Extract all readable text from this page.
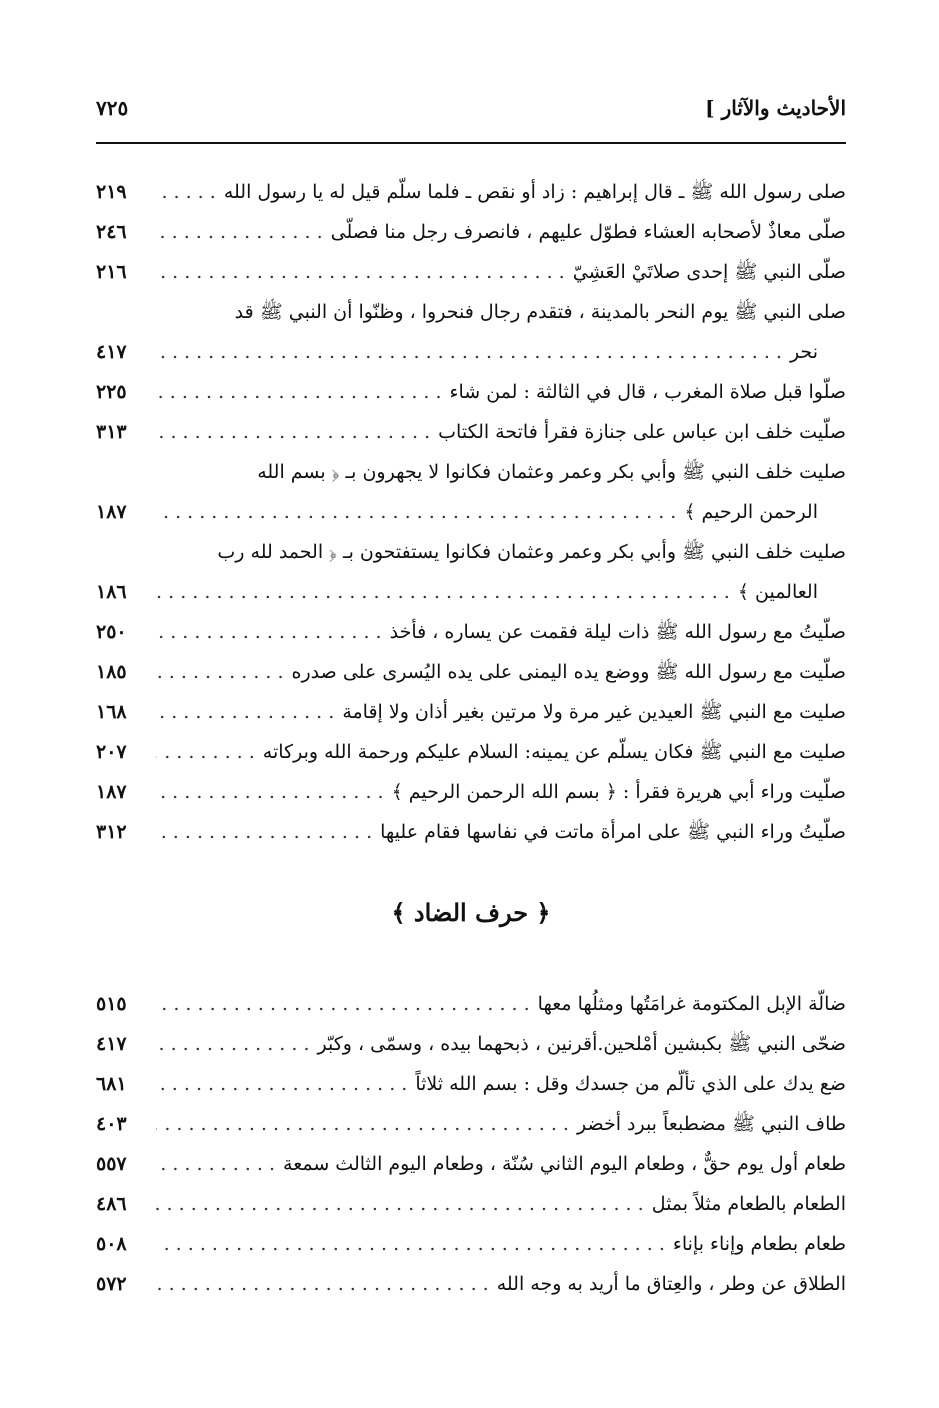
الأحاديث والآثار ]
٧٢٥
صلى رسول الله ﷺ ـ قال إبراهيم : زاد أو نقص ـ فلما سلّم قيل له يا رسول الله
. . .
٢١٩
صلّى معاذٌ لأصحابه العشاء فطوّل عليهم ، فانصرف رجل منا فصلّى
. . .
٢٤٦
صلّى النبي ﷺ إحدى صلاتَيْ العَشِيّ
. . .
٢١٦
صلى النبي ﷺ يوم النحر بالمدينة ، فتقدم رجال فنحروا ، وظنّوا أن النبي ﷺ قد
نحر
. . .
٤١٧
صلّوا قبل صلاة المغرب ، قال في الثالثة : لمن شاء
. . .
٢٢٥
صلّيت خلف ابن عباس على جنازة فقرأ فاتحة الكتاب
. . .
٣١٣
صليت خلف النبي ﷺ وأبي بكر وعمر وعثمان فكانوا لا يجهرون بـ ﴿ بسم الله
الرحمن الرحيم ﴾
. . .
١٨٧
صليت خلف النبي ﷺ وأبي بكر وعمر وعثمان فكانوا يستفتحون بـ ﴿ الحمد لله رب
العالمين ﴾
. . .
١٨٦
صلّيتُ مع رسول الله ﷺ ذات ليلة فقمت عن يساره ، فأخذ
. . .
٢٥٠
صلّيت مع رسول الله ﷺ ووضع يده اليمنى على يده اليُسرى على صدره
. . .
١٨٥
صليت مع النبي ﷺ العيدين غير مرة ولا مرتين بغير أذان ولا إقامة
. . .
١٦٨
صليت مع النبي ﷺ فكان يسلّم عن يمينه: السلام عليكم ورحمة الله وبركاته
. . .
٢٠٧
صلّيت وراء أبي هريرة فقرأ : ﴿ بسم الله الرحمن الرحيم ﴾
. . .
١٨٧
صلّيتُ وراء النبي ﷺ على امرأة ماتت في نفاسها فقام عليها
. . .
٣١٢
﴿ حرف الضاد ﴾
ضالّة الإبل المكتومة غرامَتُها ومثلُها معها
. . .
٥١٥
ضحّى النبي ﷺ بكبشين أمْلحين.أقرنين ، ذبحهما بيده ، وسمّى ، وكبّر
. . .
٤١٧
ضع يدك على الذي تألّم من جسدك وقل : بسم الله ثلاثاً
. . .
٦٨١
طاف النبي ﷺ مضطبعاً ببرد أخضر
. . .
٤٠٣
طعام أول يوم حقٌّ ، وطعام اليوم الثاني سُنّة ، وطعام اليوم الثالث سمعة
. . .
٥٥٧
الطعام بالطعام مثلاً بمثل
. . .
٤٨٦
طعام بطعام وإناء بإناء
. . .
٥٠٨
الطلاق عن وطر ، والعِتاق ما أريد به وجه الله
. . .
٥٧٢
